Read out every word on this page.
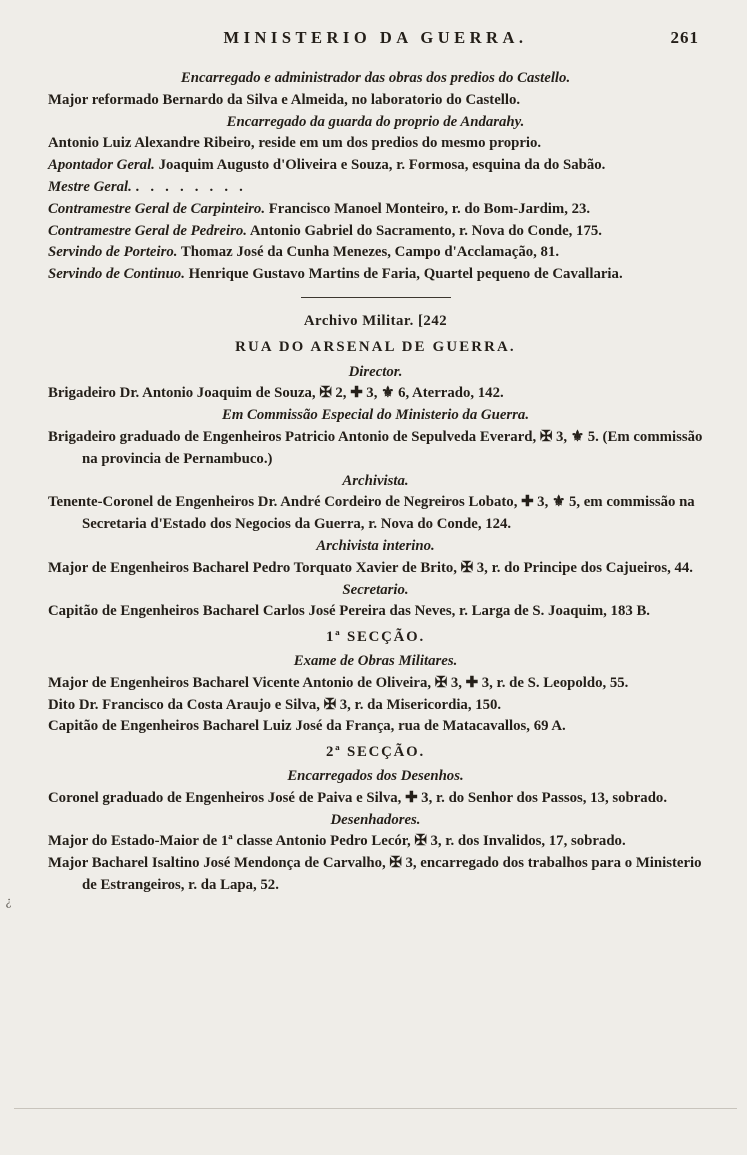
MINISTERIO DA GUERRA.	261

Encarregado e administrador das obras dos predios do Castello.

Major reformado Bernardo da Silva e Almeida, no laboratorio do Castello.

Encarregado da guarda do proprio de Andarahy.

Antonio Luiz Alexandre Ribeiro, reside em um dos predios do mesmo proprio.

Apontador Geral. Joaquim Augusto d'Oliveira e Souza, r. Formosa, esquina da do Sabão.

Mestre Geral. .   .   .   .   .   .   .   .

Contramestre Geral de Carpinteiro. Francisco Manoel Monteiro, r. do Bom-Jardim, 23.

Contramestre Geral de Pedreiro. Antonio Gabriel do Sacramento, r. Nova do Conde, 175.

Servindo de Porteiro. Thomaz José da Cunha Menezes, Campo d'Acclamação, 81.

Servindo de Continuo. Henrique Gustavo Martins de Faria, Quartel pequeno de Cavallaria.

Archivo Militar. [242

RUA DO ARSENAL DE GUERRA.

Director.

Brigadeiro Dr. Antonio Joaquim de Souza, ✠ 2, ✚ 3, ⚜ 6, Aterrado, 142.

Em Commissão Especial do Ministerio da Guerra.

Brigadeiro graduado de Engenheiros Patricio Antonio de Sepulveda Everard, ✠ 3, ⚜ 5. (Em commissão na provincia de Pernambuco.)

Archivista.

Tenente-Coronel de Engenheiros Dr. André Cordeiro de Negreiros Lobato, ✚ 3, ⚜ 5, em commissão na Secretaria d'Estado dos Negocios da Guerra, r. Nova do Conde, 124.

Archivista interino.

Major de Engenheiros Bacharel Pedro Torquato Xavier de Brito, ✠ 3, r. do Principe dos Cajueiros, 44.

Secretario.

Capitão de Engenheiros Bacharel Carlos José Pereira das Neves, r. Larga de S. Joaquim, 183 B.

1ª SECÇÃO.

Exame de Obras Militares.

Major de Engenheiros Bacharel Vicente Antonio de Oliveira, ✠ 3, ✚ 3, r. de S. Leopoldo, 55.

Dito Dr. Francisco da Costa Araujo e Silva, ✠ 3, r. da Misericordia, 150.

Capitão de Engenheiros Bacharel Luiz José da França, rua de Matacavallos, 69 A.

2ª SECÇÃO.

Encarregados dos Desenhos.

Coronel graduado de Engenheiros José de Paiva e Silva, ✚ 3, r. do Senhor dos Passos, 13, sobrado.

Desenhadores.

Major do Estado-Maior de 1ª classe Antonio Pedro Lecór, ✠ 3, r. dos Invalidos, 17, sobrado.

Major Bacharel Isaltino José Mendonça de Carvalho, ✠ 3, encarregado dos trabalhos para o Ministerio de Estrangeiros, r. da Lapa, 52.

¿
